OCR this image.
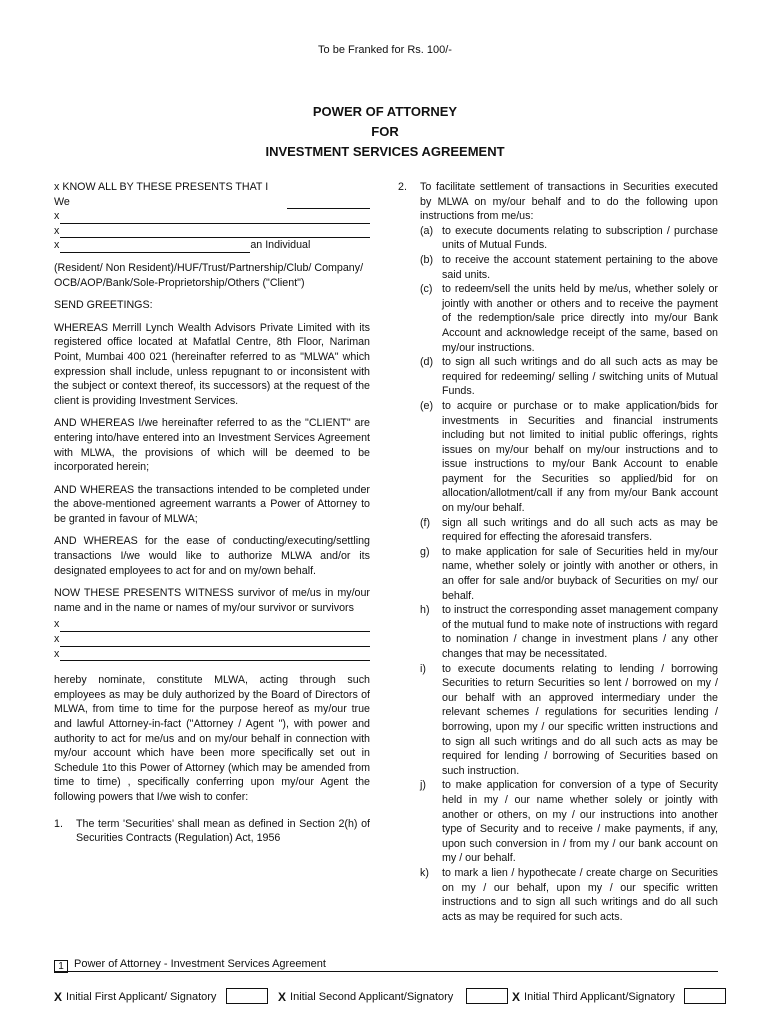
To be Franked for Rs. 100/-
POWER OF ATTORNEY
FOR
INVESTMENT SERVICES AGREEMENT
x KNOW ALL BY THESE PRESENTS THAT I We
x
x
x	an Individual

(Resident/ Non Resident)/HUF/Trust/Partnership/Club/ Company/ OCB/AOP/Bank/Sole-Proprietorship/Others ("Client")

SEND GREETINGS:

WHEREAS Merrill Lynch Wealth Advisors Private Limited with its registered office located at Mafatlal Centre, 8th Floor, Nariman Point, Mumbai 400 021 (hereinafter referred to as "MLWA" which expression shall include, unless repugnant to or inconsistent with the subject or context thereof, its successors) at the request of the client is providing Investment Services.

AND WHEREAS I/we hereinafter referred to as the "CLIENT" are entering into/have entered into an Investment Services Agreement with MLWA, the provisions of which will be deemed to be incorporated herein;

AND WHEREAS the transactions intended to be completed under the above-mentioned agreement warrants a Power of Attorney to be granted in favour of MLWA;

AND WHEREAS for the ease of conducting/executing/settling transactions I/we would like to authorize MLWA and/or its designated employees to act for and on my/own behalf.

NOW THESE PRESENTS WITNESS survivor of me/us in my/our name and in the name or names of my/our survivor or survivors

x
x
x

hereby nominate, constitute MLWA, acting through such employees as may be duly authorized by the Board of Directors of MLWA, from time to time for the purpose hereof as my/our true and lawful Attorney-in-fact ("Attorney / Agent "), with power and authority to act for me/us and on my/our behalf in connection with my/our account which have been more specifically set out in Schedule 1to this Power of Attorney (which may be amended from time to time) , specifically conferring upon my/our Agent the following powers that I/we wish to confer:

1.	The term 'Securities' shall mean as defined in Section 2(h) of Securities Contracts (Regulation) Act, 1956
2.	To facilitate settlement of transactions in Securities executed by MLWA on my/our behalf and to do the following upon instructions from me/us:
(a) to execute documents relating to subscription / purchase units of Mutual Funds.
(b) to receive the account statement pertaining to the above said units.
(c) to redeem/sell the units held by me/us, whether solely or jointly with another or others and to receive the payment of the redemption/sale price directly into my/our Bank Account and acknowledge receipt of the same, based on my/our instructions.
(d) to sign all such writings and do all such acts as may be required for redeeming/ selling / switching units of Mutual Funds.
(e) to acquire or purchase or to make application/bids for investments in Securities and financial instruments including but not limited to initial public offerings, rights issues on my/our behalf on my/our instructions and to issue instructions to my/our Bank Account to enable payment for the Securities so applied/bid for on allocation/allotment/call if any from my/our Bank account on my/our behalf.
(f)	sign all such writings and do all such acts as may be required for effecting the aforesaid transfers.
g)	to make application for sale of Securities held in my/our name, whether solely or jointly with another or others, in an offer for sale and/or buyback of Securities on my/ our behalf.
h)	to instruct the corresponding asset management company of the mutual fund to make note of instructions with regard to nomination / change in investment plans / any other changes that may be necessitated.
i)	to execute documents relating to lending / borrowing Securities to return Securities so lent / borrowed on my / our behalf with an approved intermediary under the relevant schemes / regulations for securities lending / borrowing, upon my / our specific written instructions and to sign all such writings and do all such acts as may be required for lending / borrowing of Securities based on such instruction.
j)	to make application for conversion of a type of Security held in my / our name whether solely or jointly with another or others, on my / our instructions into another type of Security and to receive / make payments, if any, upon such conversion in / from my / our bank account on my / our behalf.
k)	to mark a lien / hypothecate / create charge on Securities on my / our behalf, upon my / our specific written instructions and to sign all such writings and do all such acts as may be required for such acts.
1 Power of Attorney - Investment Services Agreement
X Initial First Applicant/ Signatory	X Initial Second Applicant/Signatory	X Initial Third Applicant/Signatory
